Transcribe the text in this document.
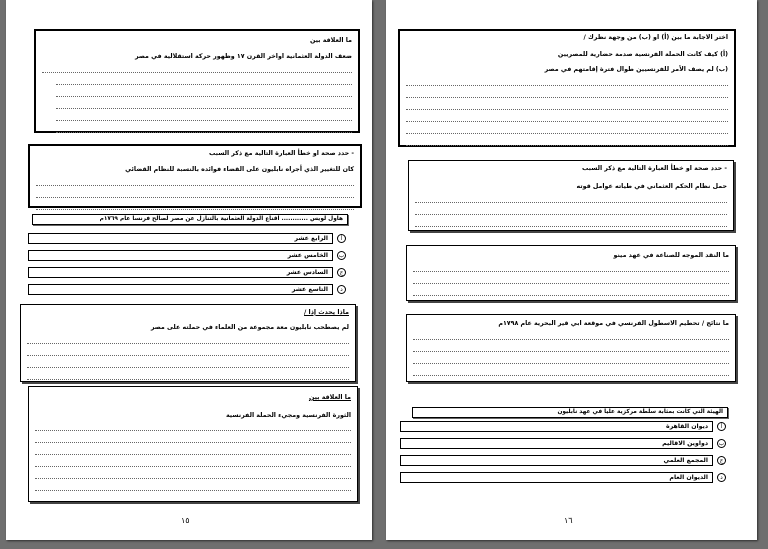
ما العلاقة بين
ضعف الدولة العثمانية اواخر القرن ١٧ وظهور حركة استقلالية في مصر
- حدد صحة او خطأ العبارة التالية مع ذكر السبب
كان للتغيير الذي أجراه نابليون على القضاء فوائده بالنسبة للنظام القضائي
هاول لويس ............ اقناع الدولة العثمانية بالتنازل عن مصر لصالح فرنسا عام ١٧٦٩م
الرابع عشر	أ
الخامس عشر	ب
السادس عشر	ج
التاسع عشر	د
ماذا يحدث إذا /
لم يصطحب نابليون معة مجموعة من العلماء في حملته على مصر
ما العلاقة بين
الثورة الفرنسية ومجيء الحملة الفرنسية
١٥
اختر الاجابة ما بين (أ) او (ب) من وجهة نظرك /
(أ) كيف كانت الحملة الفرنسية صدمة حضارية للمصريين
(ب) لم يصف الأمر للفرنسيين طوال فترة إقامتهم في مصر
- حدد صحة او خطأ العبارة التالية مع ذكر السبب
حمل نظام الحكم العثماني في طياته عوامل قوته
ما النقد الموجه للصناعة في عهد مينو
ما نتائج / تحطيم الاسطول الفرنسي في موقعة ابي قير البحرية عام ١٧٩٨م
الهيئة التي كانت بمثابة سلطة مركزية عليا في عهد نابليون
ديوان القاهرة	أ
دواوين الاقاليم	ب
المجمع العلمي	ج
الديوان العام	د
١٦
